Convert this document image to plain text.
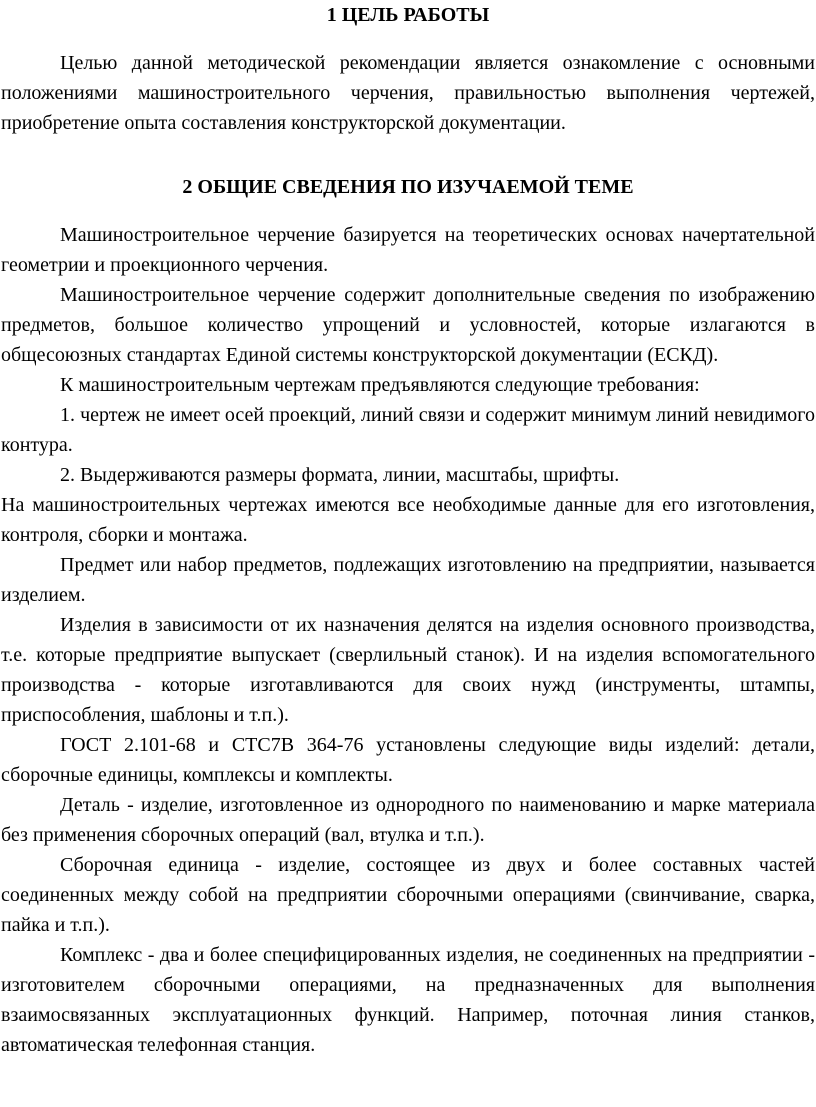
1 ЦЕЛЬ РАБОТЫ

Целью данной методической рекомендации является ознакомление с основными положениями машиностроительного черчения, правильностью выполнения чертежей, приобретение опыта составления конструкторской документации.

2 ОБЩИЕ СВЕДЕНИЯ ПО ИЗУЧАЕМОЙ ТЕМЕ

Машиностроительное черчение базируется на теоретических основах начертательной геометрии и проекционного черчения.

Машиностроительное черчение содержит дополнительные сведения по изображению предметов, большое количество упрощений и условностей, которые излагаются в общесоюзных стандартах Единой системы конструкторской документации (ЕСКД).

К машиностроительным чертежам предъявляются следующие требования:

1. чертеж не имеет осей проекций, линий связи и содержит минимум линий невидимого контура.

2. Выдерживаются размеры формата, линии, масштабы, шрифты.

На машиностроительных чертежах имеются все необходимые данные для его изготовления, контроля, сборки и монтажа.

Предмет или набор предметов, подлежащих изготовлению на предприятии, называется изделием.

Изделия в зависимости от их назначения делятся на изделия основного производства, т.е. которые предприятие выпускает (сверлильный станок). И на изделия вспомогательного производства - которые изготавливаются для своих нужд (инструменты, штампы, приспособления, шаблоны и т.п.).

ГОСТ 2.101-68 и СТС7В 364-76 установлены следующие виды изделий: детали, сборочные единицы, комплексы и комплекты.

Деталь - изделие, изготовленное из однородного по наименованию и марке материала без применения сборочных операций (вал, втулка и т.п.).

Сборочная единица - изделие, состоящее из двух и более составных частей соединенных между собой на предприятии сборочными операциями (свинчивание, сварка, пайка и т.п.).

Комплекс - два и более специфицированных изделия, не соединенных на предприятии - изготовителем сборочными операциями, на предназначенных для выполнения взаимосвязанных эксплуатационных функций. Например, поточная линия станков, автоматическая телефонная станция.
